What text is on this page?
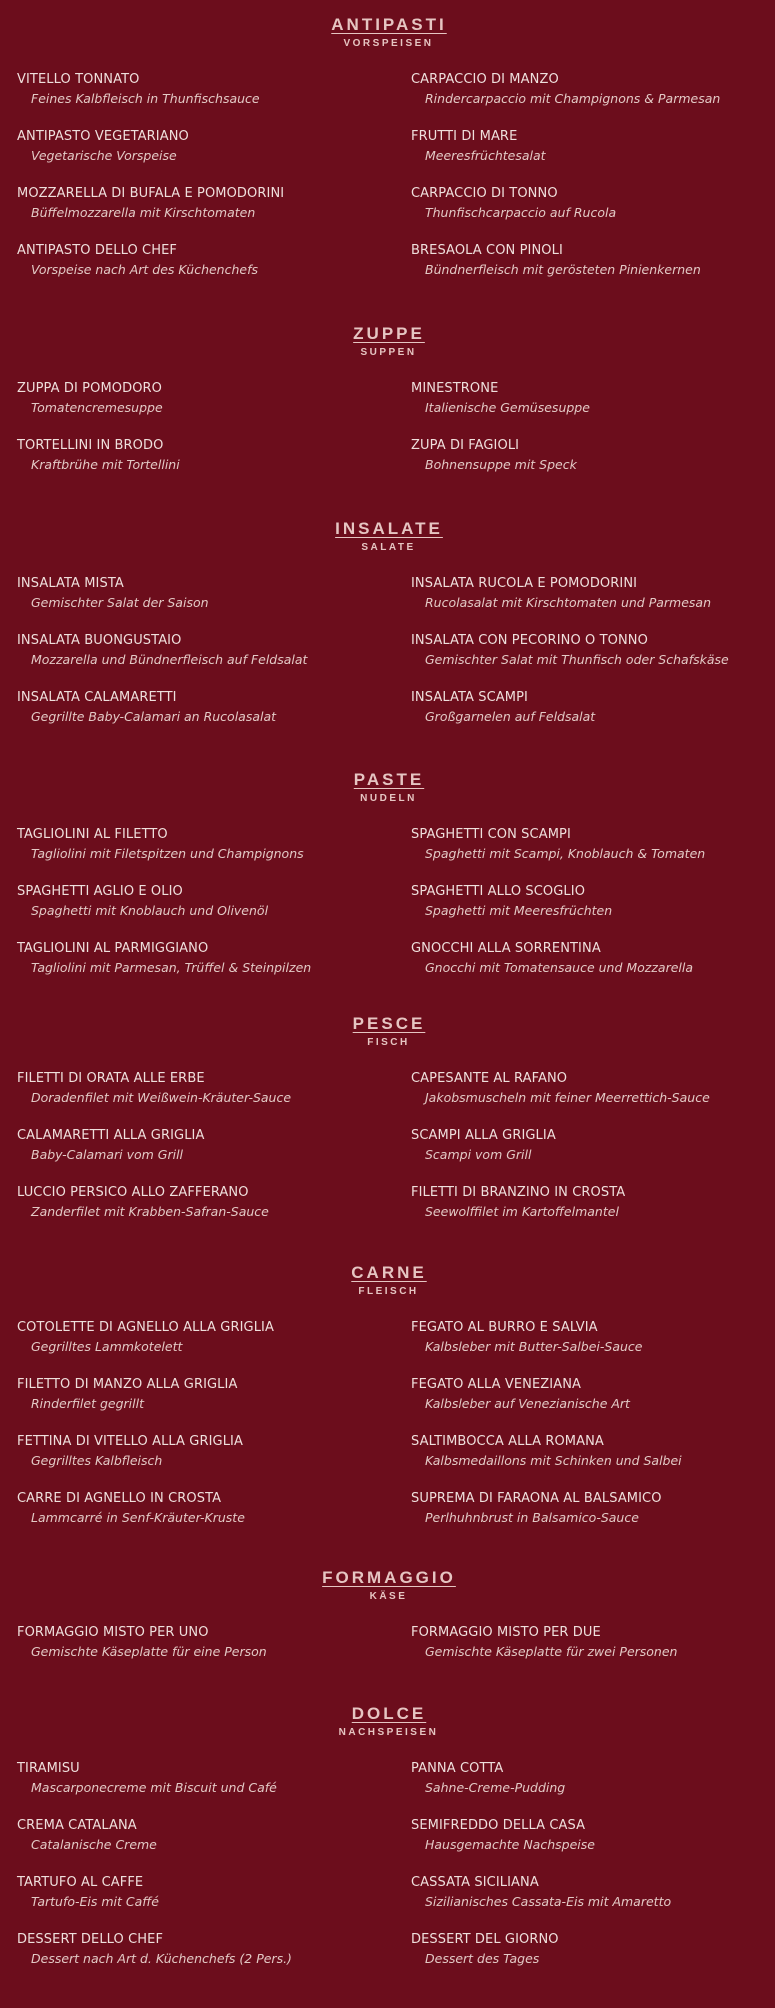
ANTIPASTI
VORSPEISEN
VITELLO TONNATO
Feines Kalbfleisch in Thunfischsauce
CARPACCIO DI MANZO
Rindercarpaccio mit Champignons & Parmesan
ANTIPASTO VEGETARIANO
Vegetarische Vorspeise
FRUTTI DI MARE
Meeresfrüchtesalat
MOZZARELLA DI BUFALA E POMODORINI
Büffelmozzarella mit Kirschtomaten
CARPACCIO DI TONNO
Thunfischcarpaccio auf Rucola
ANTIPASTO DELLO CHEF
Vorspeise nach Art des Küchenchefs
BRESAOLA CON PINOLI
Bündnerfleisch mit gerösteten Pinienkernen
ZUPPE
SUPPEN
ZUPPA DI POMODORO
Tomatencremesuppe
MINESTRONE
Italienische Gemüsesuppe
TORTELLINI IN BRODO
Kraftbrühe mit Tortellini
ZUPA DI FAGIOLI
Bohnensuppe mit Speck
INSALATE
SALATE
INSALATA MISTA
Gemischter Salat der Saison
INSALATA RUCOLA E POMODORINI
Rucolasalat mit Kirschtomaten und Parmesan
INSALATA BUONGUSTAIO
Mozzarella und Bündnerfleisch auf Feldsalat
INSALATA CON PECORINO O TONNO
Gemischter Salat mit Thunfisch oder Schafskäse
INSALATA CALAMARETTI
Gegrillte Baby-Calamari an Rucolasalat
INSALATA SCAMPI
Großgarnelen auf Feldsalat
PASTE
NUDELN
TAGLIOLINI AL FILETTO
Tagliolini mit Filetspitzen und Champignons
SPAGHETTI CON SCAMPI
Spaghetti mit Scampi, Knoblauch & Tomaten
SPAGHETTI AGLIO E OLIO
Spaghetti mit Knoblauch und Olivenöl
SPAGHETTI ALLO SCOGLIO
Spaghetti mit Meeresfrüchten
TAGLIOLINI AL PARMIGGIANO
Tagliolini mit Parmesan, Trüffel & Steinpilzen
GNOCCHI ALLA SORRENTINA
Gnocchi mit Tomatensauce und Mozzarella
PESCE
FISCH
FILETTI DI ORATA ALLE ERBE
Doradenfilet mit Weißwein-Kräuter-Sauce
CAPESANTE AL RAFANO
Jakobsmuscheln mit feiner Meerrettich-Sauce
CALAMARETTI ALLA GRIGLIA
Baby-Calamari vom Grill
SCAMPI ALLA GRIGLIA
Scampi vom Grill
LUCCIO PERSICO ALLO ZAFFERANO
Zanderfilet mit Krabben-Safran-Sauce
FILETTI DI BRANZINO IN CROSTA
Seewolffilet im Kartoffelmantel
CARNE
FLEISCH
COTOLETTE DI AGNELLO ALLA GRIGLIA
Gegrilltes Lammkotelett
FEGATO AL BURRO E SALVIA
Kalbsleber mit Butter-Salbei-Sauce
FILETTO DI MANZO ALLA GRIGLIA
Rinderfilet gegrillt
FEGATO ALLA VENEZIANA
Kalbsleber auf Venezianische Art
FETTINA DI VITELLO ALLA GRIGLIA
Gegrilltes Kalbfleisch
SALTIMBOCCA ALLA ROMANA
Kalbsmedaillons mit Schinken und Salbei
CARRE DI AGNELLO IN CROSTA
Lammcarré in Senf-Kräuter-Kruste
SUPREMA DI FARAONA AL BALSAMICO
Perlhuhnbrust in Balsamico-Sauce
FORMAGGIO
KÄSE
FORMAGGIO MISTO PER UNO
Gemischte Käseplatte für eine Person
FORMAGGIO MISTO PER DUE
Gemischte Käseplatte für zwei Personen
DOLCE
NACHSPEISEN
TIRAMISU
Mascarponecreme mit Biscuit und Café
PANNA COTTA
Sahne-Creme-Pudding
CREMA CATALANA
Catalanische Creme
SEMIFREDDO DELLA CASA
Hausgemachte Nachspeise
TARTUFO AL CAFFE
Tartufo-Eis mit Caffé
CASSATA SICILIANA
Sizilianisches Cassata-Eis mit Amaretto
DESSERT DELLO CHEF
Dessert nach Art d. Küchenchefs (2 Pers.)
DESSERT DEL GIORNO
Dessert des Tages
